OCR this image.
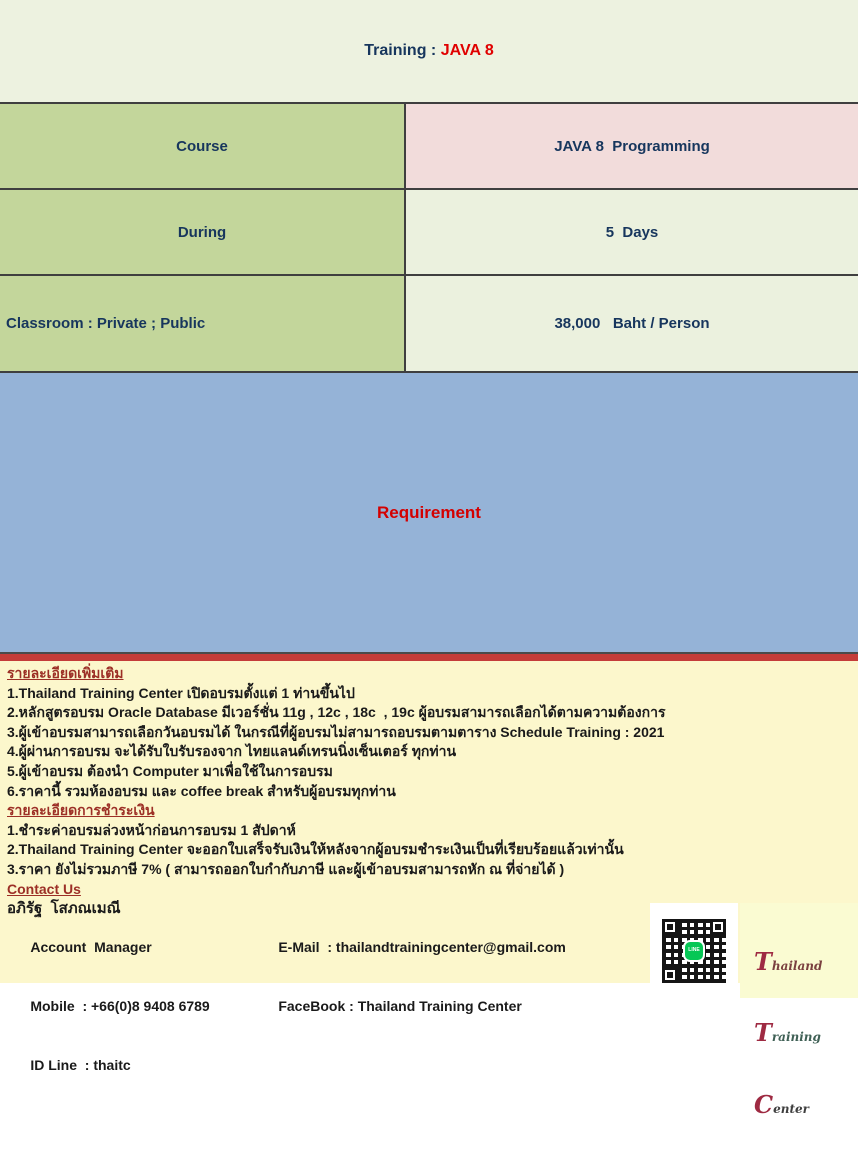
Training : JAVA 8
Course	JAVA 8  Programming
During	5  Days
Classroom : Private ; Public	38,000   Baht / Person
Requirement
รายละเอียดเพิ่มเติม
1.Thailand Training Center เปิดอบรมตั้งแต่ 1 ท่านขึ้นไป
2.หลักสูตรอบรม Oracle Database มีเวอร์ชั่น 11g , 12c , 18c  , 19c ผู้อบรมสามารถเลือกได้ตามความต้องการ
3.ผู้เข้าอบรมสามารถเลือกวันอบรมได้ ในกรณีที่ผู้อบรมไม่สามารถอบรมตามตาราง Schedule Training : 2021
4.ผู้ผ่านการอบรม จะได้รับใบรับรองจาก ไทยแลนด์เทรนนิ่งเซ็นเตอร์ ทุกท่าน
5.ผู้เข้าอบรม ต้องนำ Computer มาเพื่อใช้ในการอบรม
6.ราคานี้ รวมห้องอบรม และ coffee break สำหรับผู้อบรมทุกท่าน
รายละเอียดการชำระเงิน
1.ชำระค่าอบรมล่วงหน้าก่อนการอบรม 1 สัปดาห์
2.Thailand Training Center จะออกใบเสร็จรับเงินให้หลังจากผู้อบรมชำระเงินเป็นที่เรียบร้อยแล้วเท่านั้น
3.ราคา ยังไม่รวมภาษี 7% ( สามารถออกใบกำกับภาษี และผู้เข้าอบรมสามารถหัก ณ ที่จ่ายได้ )
Contact Us
อภิรัฐ  โสภณเมณี

Account  Manager	E-Mail  : thailandtrainingcenter@gmail.com

Mobile  : +66(0)8 9408 6789	FaceBook : Thailand Training Center

ID Line  : thaitc

LINE

Thailand

Training

Center
